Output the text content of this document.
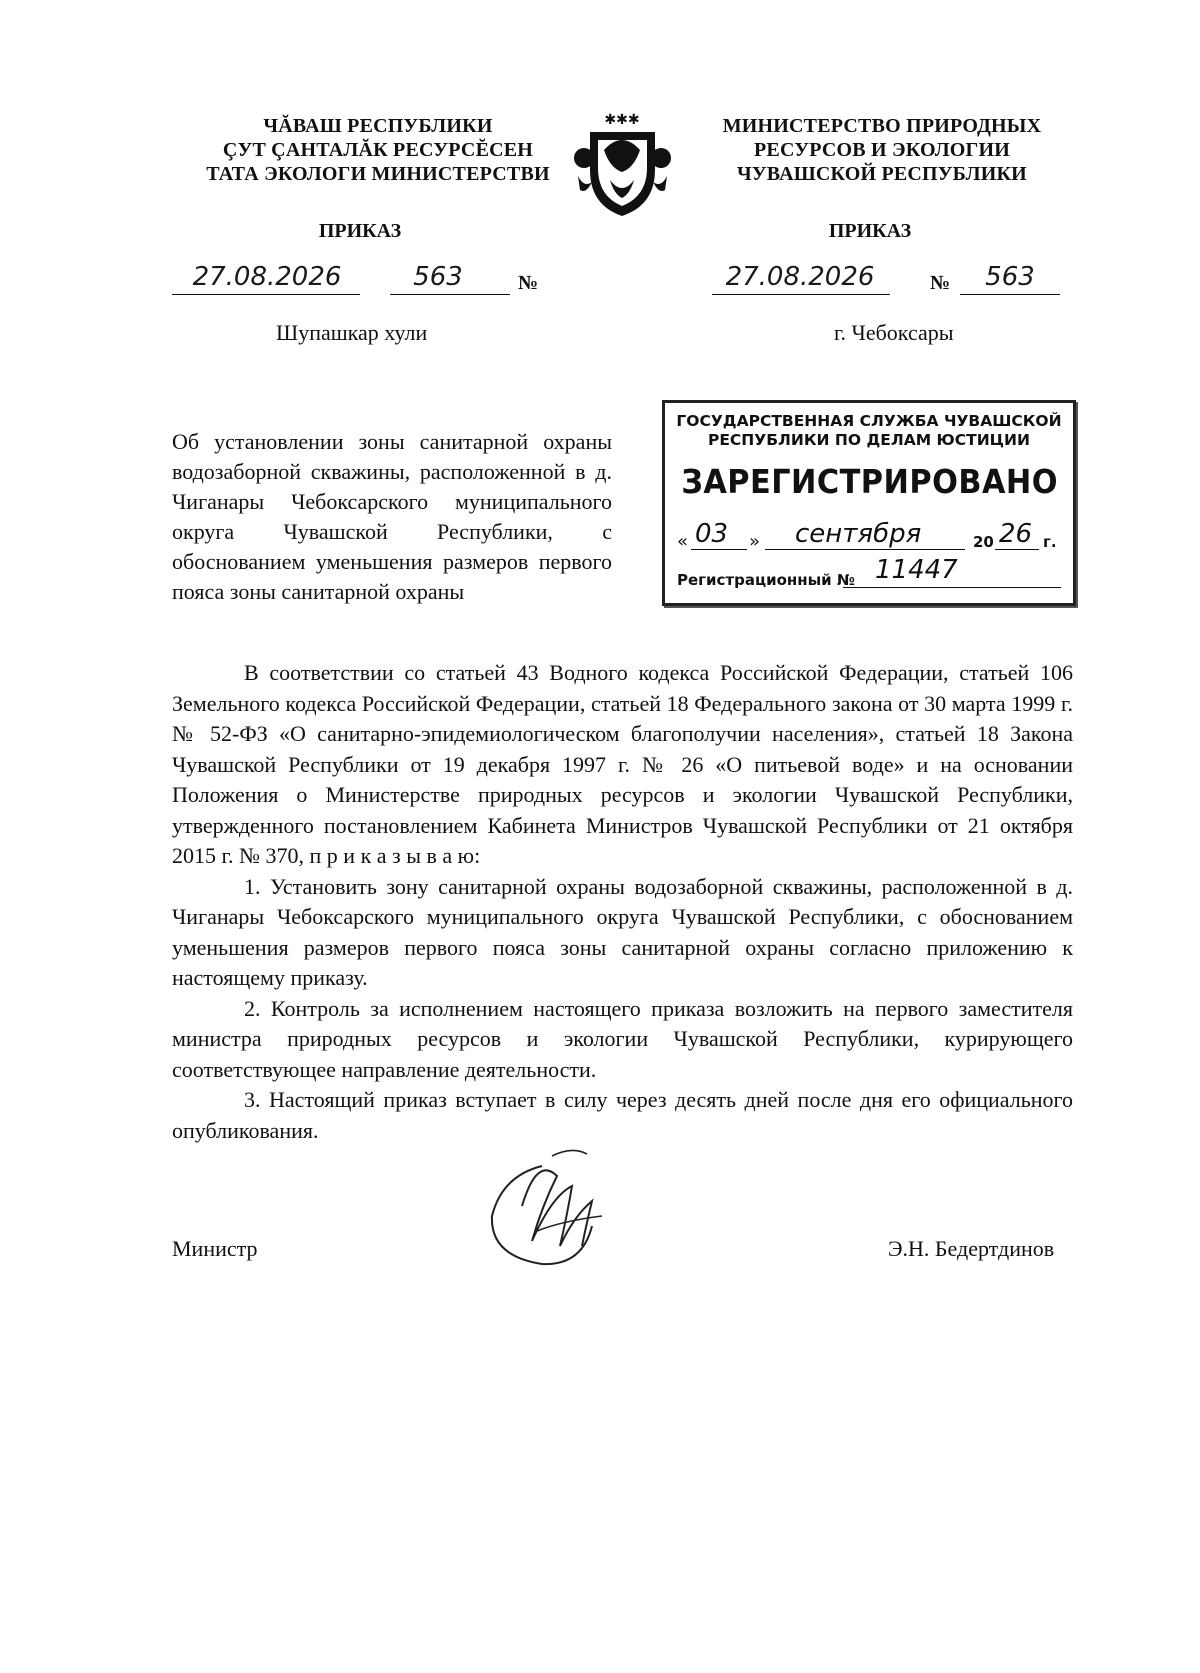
ЧĂВАШ РЕСПУБЛИКИ
ÇУТ ÇАНТАЛĂК РЕСУРСĔСЕН
ТАТА ЭКОЛОГИ МИНИСТЕРСТВИ
✱✱✱	МИНИСТЕРСТВО ПРИРОДНЫХ
РЕСУРСОВ И ЭКОЛОГИИ
ЧУВАШСКОЙ РЕСПУБЛИКИ
ПРИКАЗ	ПРИКАЗ
27.08.2026	563	№	27.08.2026	№	563
Шупашкар хули	г. Чебоксары
Об установлении зоны санитарной охраны водозаборной скважины, расположенной в д. Чиганары Чебоксарского муниципального округа Чувашской Республики, с обоснованием уменьшения размеров первого пояса зоны санитарной охраны
ГОСУДАРСТВЕННАЯ СЛУЖБА ЧУВАШСКОЙ
РЕСПУБЛИКИ ПО ДЕЛАМ ЮСТИЦИИ
ЗАРЕГИСТРИРОВАНО
« 03 » сентября	20 26 г.
Регистрационный № 11447

В соответствии со статьей 43 Водного кодекса Российской Федерации, статьей 106 Земельного кодекса Российской Федерации, статьей 18 Федерального закона от 30 марта 1999 г. № 52-ФЗ «О санитарно-эпидемиологическом благополучии населения», статьей 18 Закона Чувашской Республики от 19 декабря 1997 г. № 26 «О питьевой воде» и на основании Положения о Министерстве природных ресурсов и экологии Чувашской Республики, утвержденного постановлением Кабинета Министров Чувашской Республики от 21 октября 2015 г. № 370, п р и к а з ы в а ю:

1. Установить зону санитарной охраны водозаборной скважины, расположенной в д. Чиганары Чебоксарского муниципального округа Чувашской Республики, с обоснованием уменьшения размеров первого пояса зоны санитарной охраны согласно приложению к настоящему приказу.

2. Контроль за исполнением настоящего приказа возложить на первого заместителя министра природных ресурсов и экологии Чувашской Республики, курирующего соответствующее направление деятельности.

3. Настоящий приказ вступает в силу через десять дней после дня его официального опубликования.

Министр	Э.Н. Бедертдинов
